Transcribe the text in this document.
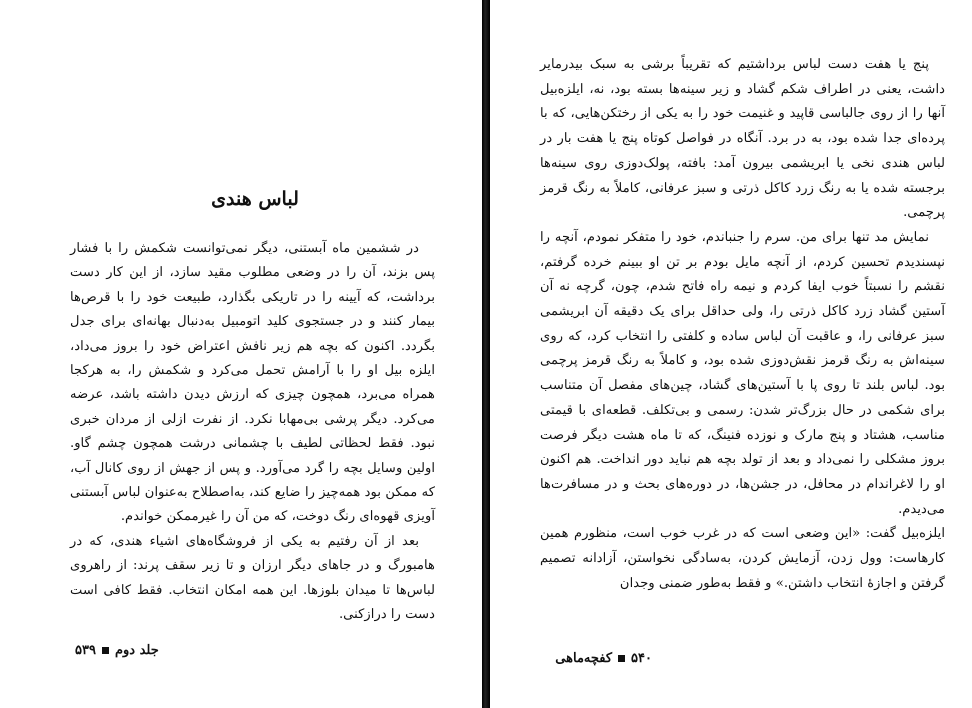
لباس هندی

در ششمین ماه آبستنی، دیگر نمی‌توانست شکمش را با فشار پس بزند، آن را در وضعی مطلوب مقید سازد، از این کار دست برداشت، که آیینه را در تاریکی بگذارد، طبیعت خود را با قرص‌ها بیمار کنند و در جستجوی کلید اتومبیل به‌دنبال بهانه‌ای برای جدل بگردد. اکنون که بچه هم زیر نافش اعتراض خود را بروز می‌داد، ایلزه بیل او را با آرامش تحمل می‌کرد و شکمش را، به هرکجا همراه می‌برد، همچون چیزی که ارزش دیدن داشته باشد، عرضه می‌کرد. دیگر پرشی بی‌مهابا نکرد. از نفرت ازلی از مردان خبری نبود. فقط لحظاتی لطیف با چشمانی درشت همچون چشم گاو. اولین وسایل بچه را گرد می‌آورد. و پس از جهش از روی کانال آب، که ممکن بود همه‌چیز را ضایع کند، به‌اصطلاح به‌عنوان لباس آبستنی آویزی قهوه‌ای رنگ دوخت، که من آن را غیرممکن خواندم.

بعد از آن رفتیم به یکی از فروشگاه‌های اشیاء هندی، که در هامبورگ و در جاهای دیگر ارزان و تا زیر سقف پرند: از راهروی لباس‌ها تا میدان بلوزها. این همه امکان انتخاب. فقط کافی است دست را درازکنی.

جلد دوم
۵۳۹

پنج یا هفت دست لباس برداشتیم که تقریباً برشی به سبک بیدرمایر داشت، یعنی در اطراف شکم گشاد و زیر سینه‌ها بسته بود، نه، ایلزه‌بیل آنها را از روی جالباسی قاپید و غنیمت خود را به یکی از رختکن‌هایی، که با پرده‌ای جدا شده بود، به در برد. آنگاه در فواصل کوتاه پنج یا هفت بار در لباس هندی نخی یا ابریشمی بیرون آمد: بافته، پولک‌دوزی روی سینه‌ها برجسته شده یا به رنگ زرد کاکل ذرتی و سبز عرفانی، کاملاً به رنگ قرمز پرچمی.

نمایش مد تنها برای من. سرم را جنباندم، خود را متفکر نمودم، آنچه را نپسندیدم تحسین کردم، از آنچه مایل بودم بر تن او ببینم خرده گرفتم، نقشم را نسبتاً خوب ایفا کردم و نیمه راه فاتح شدم، چون، گرچه نه آن آستین گشاد زرد کاکل ذرتی را، ولی حداقل برای یک دقیقه آن ابریشمی سبز عرفانی را، و عاقبت آن لباس ساده و کلفتی را انتخاب کرد، که روی سینه‌اش به رنگ قرمز نقش‌دوزی شده بود، و کاملاً به رنگ قرمز پرچمی بود. لباس بلند تا روی پا با آستین‌های گشاد، چین‌های مفصل آن متناسب برای شکمی در حال بزرگ‌تر شدن: رسمی و بی‌تکلف. قطعه‌ای با قیمتی مناسب، هشتاد و پنج مارک و نوزده فنینگ، که تا ماه هشت دیگر فرصت بروز مشکلی را نمی‌داد و بعد از تولد بچه هم نباید دور انداخت. هم اکنون او را لاغراندام در محافل، در جشن‌ها، در دوره‌های بحث و در مسافرت‌ها می‌دیدم.

ایلزه‌بیل گفت: «این وضعی است که در غرب خوب است، منظورم همین کارهاست: وول زدن، آزمایش کردن، به‌سادگی نخواستن، آزادانه تصمیم گرفتن و اجازهٔ انتخاب داشتن.» و فقط به‌طور ضمنی وجدان

۵۴۰
کفچه‌ماهی
